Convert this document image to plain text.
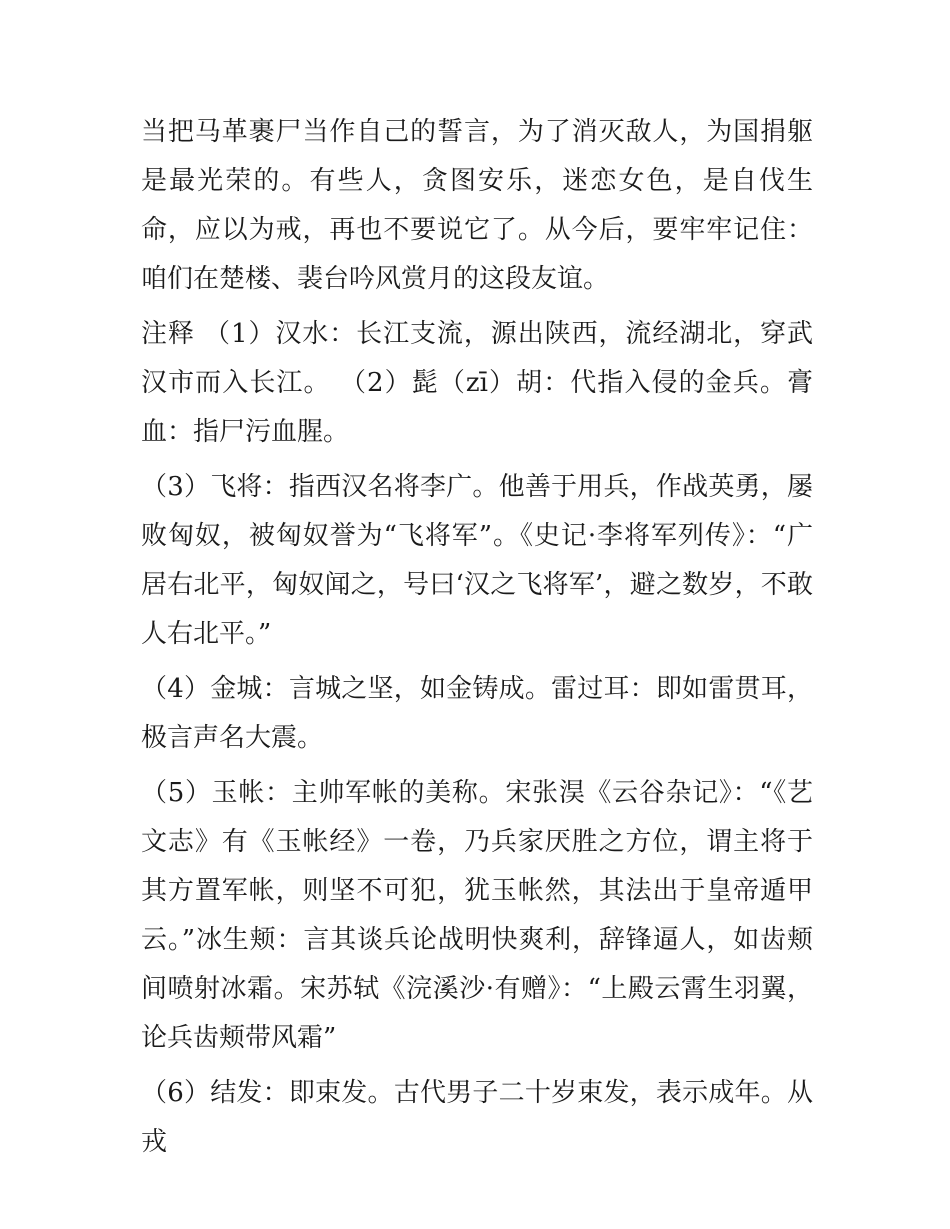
当把马革裹尸当作自己的誓言，为了消灭敌人，为国捐躯是最光荣的。有些人，贪图安乐，迷恋女色，是自伐生命，应以为戒，再也不要说它了。从今后，要牢牢记住：咱们在楚楼、裴台吟风赏月的这段友谊。

注释 （1）汉水：长江支流，源出陕西，流经湖北，穿武汉市而入长江。 （2）髭（zī）胡：代指入侵的金兵。膏血：指尸污血腥。

（3）飞将：指西汉名将李广。他善于用兵，作战英勇，屡败匈奴，被匈奴誉为“飞将军”。《史记·李将军列传》：“广居右北平，匈奴闻之，号曰‘汉之飞将军’，避之数岁，不敢人右北平。”

（4）金城：言城之坚，如金铸成。雷过耳：即如雷贯耳，极言声名大震。

（5）玉帐：主帅军帐的美称。宋张淏《云谷杂记》：“《艺文志》有《玉帐经》一卷，乃兵家厌胜之方位，谓主将于其方置军帐，则坚不可犯，犹玉帐然，其法出于皇帝遁甲云。”冰生颊：言其谈兵论战明快爽利，辞锋逼人，如齿颊间喷射冰霜。宋苏轼《浣溪沙·有赠》：“上殿云霄生羽翼，论兵齿颊带风霜”

（6）结发：即束发。古代男子二十岁束发，表示成年。从戎
